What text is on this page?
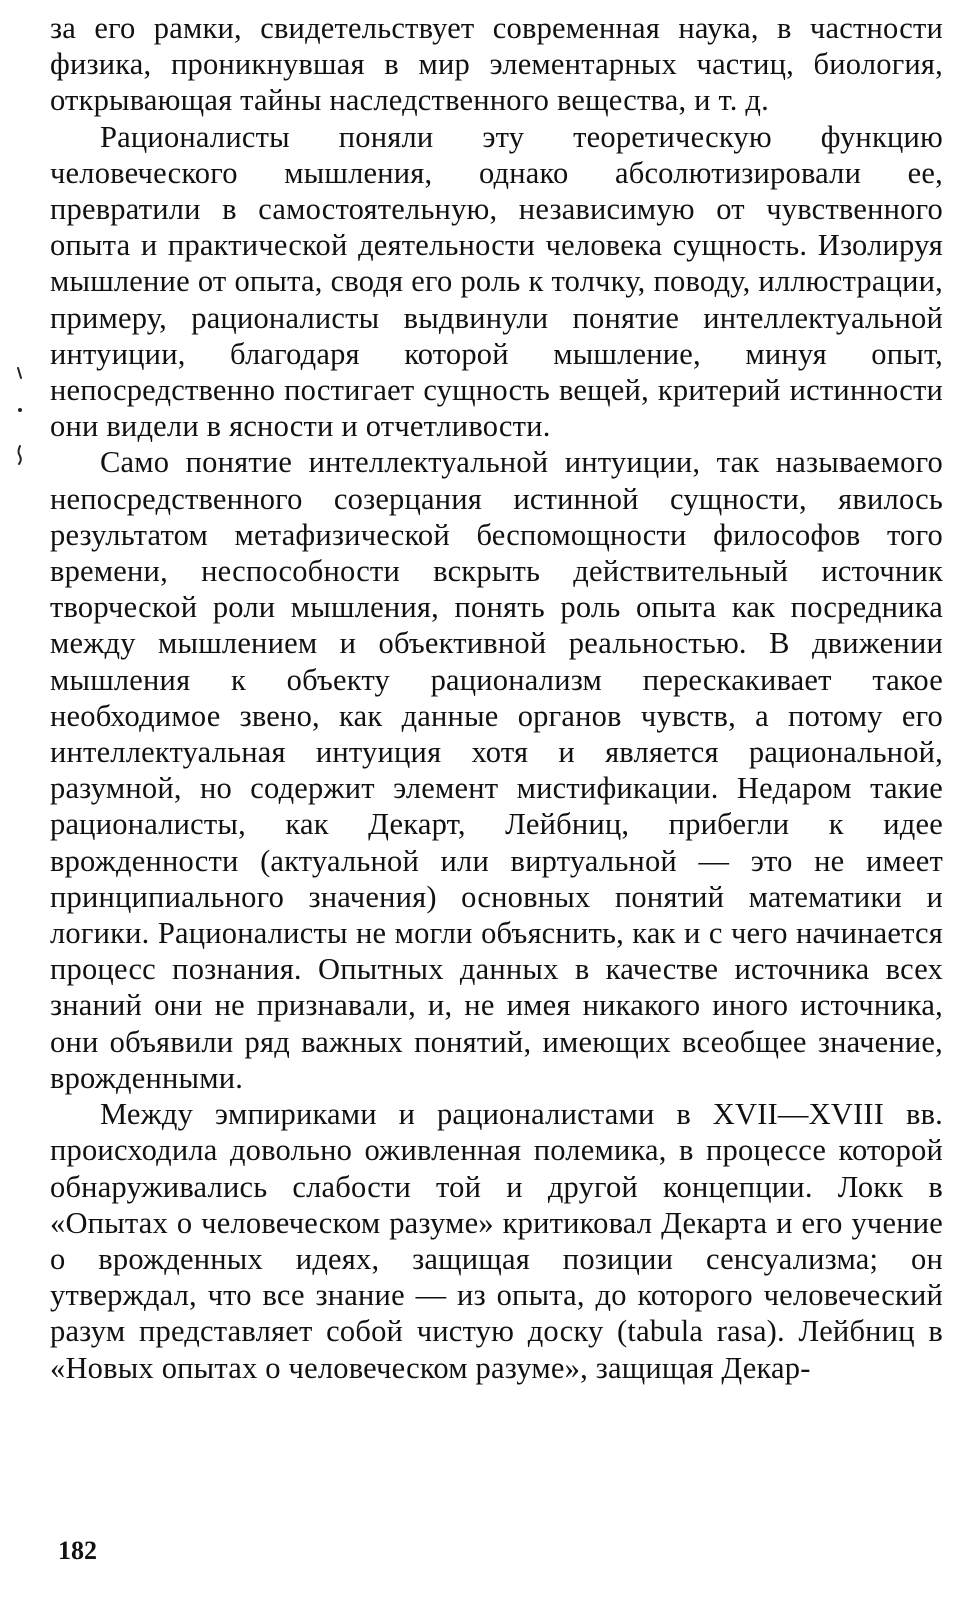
за его рамки, свидетельствует современная наука, в частности физика, проникнувшая в мир элементарных частиц, биология, открывающая тайны наследственного вещества, и т. д.

Рационалисты поняли эту теоретическую функцию человеческого мышления, однако абсолютизировали ее, превратили в самостоятельную, независимую от чувственного опыта и практической деятельности человека сущность. Изолируя мышление от опыта, сводя его роль к толчку, поводу, иллюстрации, примеру, рационалисты выдвинули понятие интеллектуальной интуиции, благодаря которой мышление, минуя опыт, непосредственно постигает сущность вещей, критерий истинности они видели в ясности и отчетливости.

Само понятие интеллектуальной интуиции, так называемого непосредственного созерцания истинной сущности, явилось результатом метафизической беспомощности философов того времени, неспособности вскрыть действительный источник творческой роли мышления, понять роль опыта как посредника между мышлением и объективной реальностью. В движении мышления к объекту рационализм перескакивает такое необходимое звено, как данные органов чувств, а потому его интеллектуальная интуиция хотя и является рациональной, разумной, но содержит элемент мистификации. Недаром такие рационалисты, как Декарт, Лейбниц, прибегли к идее врожденности (актуальной или виртуальной — это не имеет принципиального значения) основных понятий математики и логики. Рационалисты не могли объяснить, как и с чего начинается процесс познания. Опытных данных в качестве источника всех знаний они не признавали, и, не имея никакого иного источника, они объявили ряд важных понятий, имеющих всеобщее значение, врожденными.

Между эмпириками и рационалистами в XVII—XVIII вв. происходила довольно оживленная полемика, в процессе которой обнаруживались слабости той и другой концепции. Локк в «Опытах о человеческом разуме» критиковал Декарта и его учение о врожденных идеях, защищая позиции сенсуализма; он утверждал, что все знание — из опыта, до которого человеческий разум представляет собой чистую доску (tabula rasa). Лейбниц в «Новых опытах о человеческом разуме», защищая Декар-

182
